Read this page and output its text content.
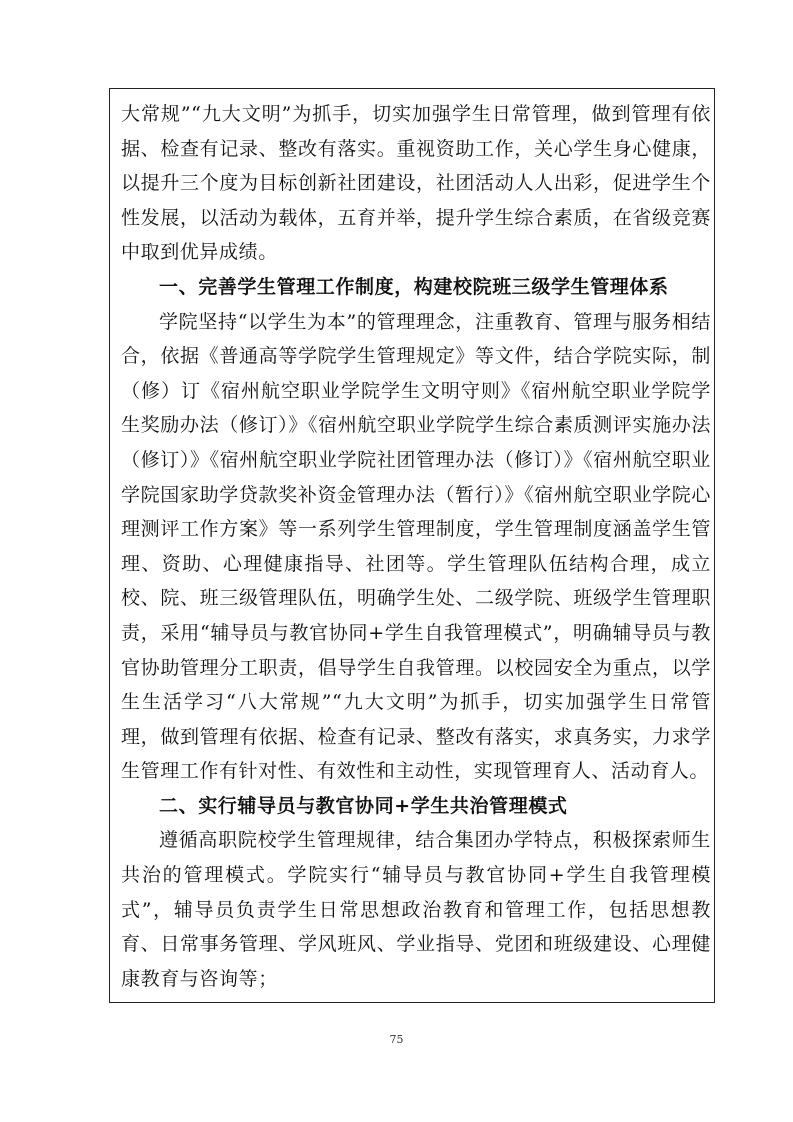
大常规”“九大文明”为抓手，切实加强学生日常管理，做到管理有依据、检查有记录、整改有落实。重视资助工作，关心学生身心健康，以提升三个度为目标创新社团建设，社团活动人人出彩，促进学生个性发展，以活动为载体，五育并举，提升学生综合素质，在省级竞赛中取到优异成绩。

一、完善学生管理工作制度，构建校院班三级学生管理体系

学院坚持“以学生为本”的管理理念，注重教育、管理与服务相结合，依据《普通高等学院学生管理规定》等文件，结合学院实际，制（修）订《宿州航空职业学院学生文明守则》《宿州航空职业学院学生奖励办法（修订）》《宿州航空职业学院学生综合素质测评实施办法（修订）》《宿州航空职业学院社团管理办法（修订）》《宿州航空职业学院国家助学贷款奖补资金管理办法（暂行）》《宿州航空职业学院心理测评工作方案》等一系列学生管理制度，学生管理制度涵盖学生管理、资助、心理健康指导、社团等。学生管理队伍结构合理，成立校、院、班三级管理队伍，明确学生处、二级学院、班级学生管理职责，采用“辅导员与教官协同+学生自我管理模式”，明确辅导员与教官协助管理分工职责，倡导学生自我管理。以校园安全为重点，以学生生活学习“八大常规”“九大文明”为抓手，切实加强学生日常管理，做到管理有依据、检查有记录、整改有落实，求真务实，力求学生管理工作有针对性、有效性和主动性，实现管理育人、活动育人。

二、实行辅导员与教官协同+学生共治管理模式

遵循高职院校学生管理规律，结合集团办学特点，积极探索师生共治的管理模式。学院实行“辅导员与教官协同+学生自我管理模式”，辅导员负责学生日常思想政治教育和管理工作，包括思想教育、日常事务管理、学风班风、学业指导、党团和班级建设、心理健康教育与咨询等；

75
